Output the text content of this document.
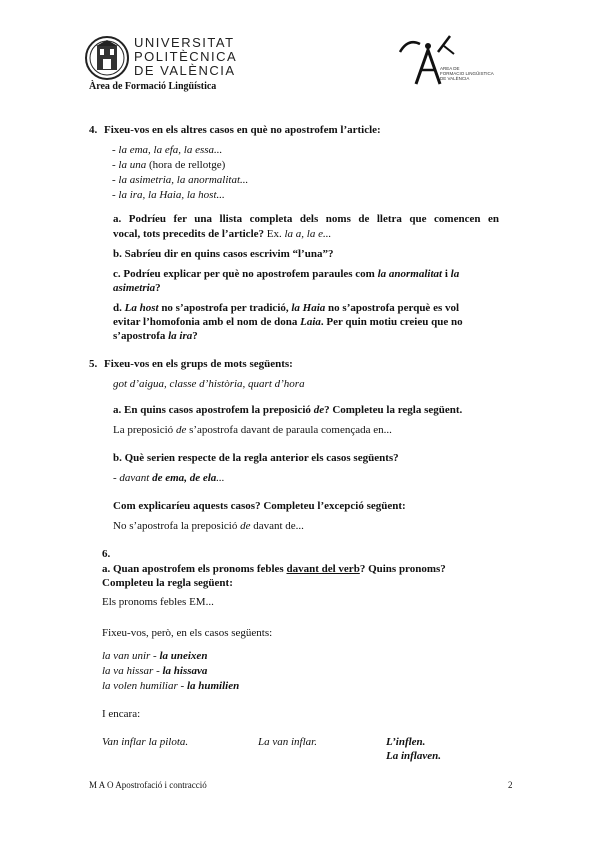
UNIVERSITAT
POLITÈCNICA
DE VALÈNCIA
Àrea de Formació Lingüística
AREA DE
FORMACIO LINGÜISTICA
DE VALÈNCIA
4. Fixeu-vos en els altres casos en què no apostrofem l’article:
- la ema, la efa, la essa...
- la una (hora de rellotge)
- la asimetria, la anormalitat...
- la ira, la Haia, la host...
a. Podríeu fer una llista completa dels noms de lletra que comencen en
vocal, tots precedits de l’article? Ex. la a, la e...
b. Sabríeu dir en quins casos escrivim “l’una”?
c. Podríeu explicar per què no apostrofem paraules com la anormalitat i la
asimetria?
d. La host no s’apostrofa per tradició, la Haia no s’apostrofa perquè es vol
evitar l’homofonia amb el nom de dona Laia. Per quin motiu creieu que no
s’apostrofa la ira?
5. Fixeu-vos en els grups de mots següents:
got d’aigua, classe d’història, quart d’hora
a. En quins casos apostrofem la preposició de? Completeu la regla següent.
La preposició de s’apostrofa davant de paraula començada en...
b. Què serien respecte de la regla anterior els casos següents?
- davant de ema, de ela...
Com explicaríeu aquests casos? Completeu l’excepció següent:
No s’apostrofa la preposició de davant de...
6.
a. Quan apostrofem els pronoms febles davant del verb? Quins pronoms?
Completeu la regla següent:
Els pronoms febles EM...
Fixeu-vos, però, en els casos següents:
la van unir - la uneixen
la va hissar - la hissava
la volen humiliar - la humilien
I encara:
Van inflar la pilota.	La van inflar.	L’inflen.
La inflaven.
M A O Apostrofació i contracció	2
